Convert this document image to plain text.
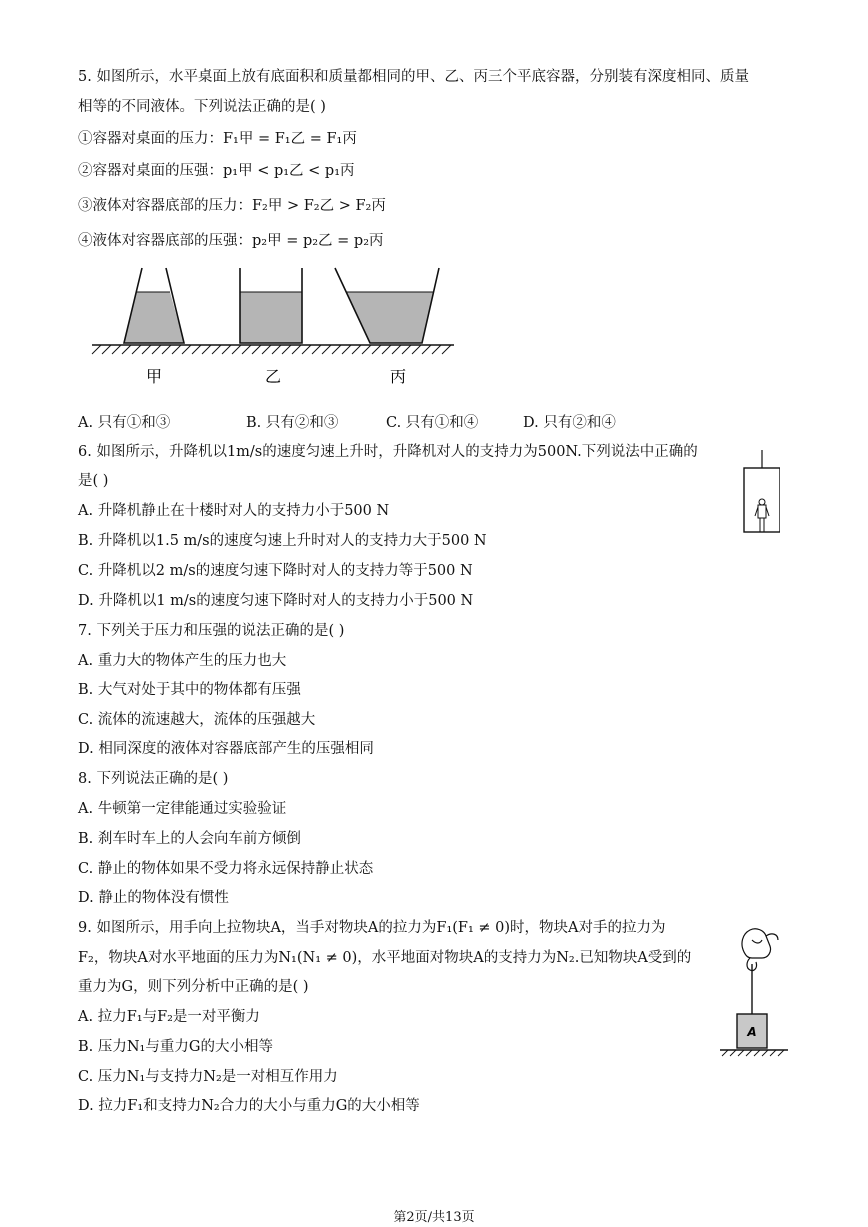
5. 如图所示，水平桌面上放有底面积和质量都相同的甲、乙、丙三个平底容器，分别装有深度相同、质量
相等的不同液体。下列说法正确的是( )
①容器对桌面的压力：F₁甲 = F₁乙 = F₁丙
②容器对桌面的压强：p₁甲 < p₁乙 < p₁丙
③液体对容器底部的压力：F₂甲 > F₂乙 > F₂丙
④液体对容器底部的压强：p₂甲 = p₂乙 = p₂丙
甲	乙	丙
A. 只有①和③	B. 只有②和③	C. 只有①和④	D. 只有②和④
6. 如图所示，升降机以1m/s的速度匀速上升时，升降机对人的支持力为500N.下列说法中正确的
是( )
A. 升降机静止在十楼时对人的支持力小于500 N
B. 升降机以1.5 m/s的速度匀速上升时对人的支持力大于500 N
C. 升降机以2 m/s的速度匀速下降时对人的支持力等于500 N
D. 升降机以1 m/s的速度匀速下降时对人的支持力小于500 N
7. 下列关于压力和压强的说法正确的是( )
A. 重力大的物体产生的压力也大
B. 大气对处于其中的物体都有压强
C. 流体的流速越大，流体的压强越大
D. 相同深度的液体对容器底部产生的压强相同
8. 下列说法正确的是( )
A. 牛顿第一定律能通过实验验证
B. 刹车时车上的人会向车前方倾倒
C. 静止的物体如果不受力将永远保持静止状态
D. 静止的物体没有惯性
9. 如图所示，用手向上拉物块A，当手对物块A的拉力为F₁(F₁ ≠ 0)时，物块A对手的拉力为
F₂，物块A对水平地面的压力为N₁(N₁ ≠ 0)，水平地面对物块A的支持力为N₂.已知物块A受到的
重力为G，则下列分析中正确的是( )
A. 拉力F₁与F₂是一对平衡力
B. 压力N₁与重力G的大小相等
C. 压力N₁与支持力N₂是一对相互作用力
D. 拉力F₁和支持力N₂合力的大小与重力G的大小相等
A
第2页/共13页
